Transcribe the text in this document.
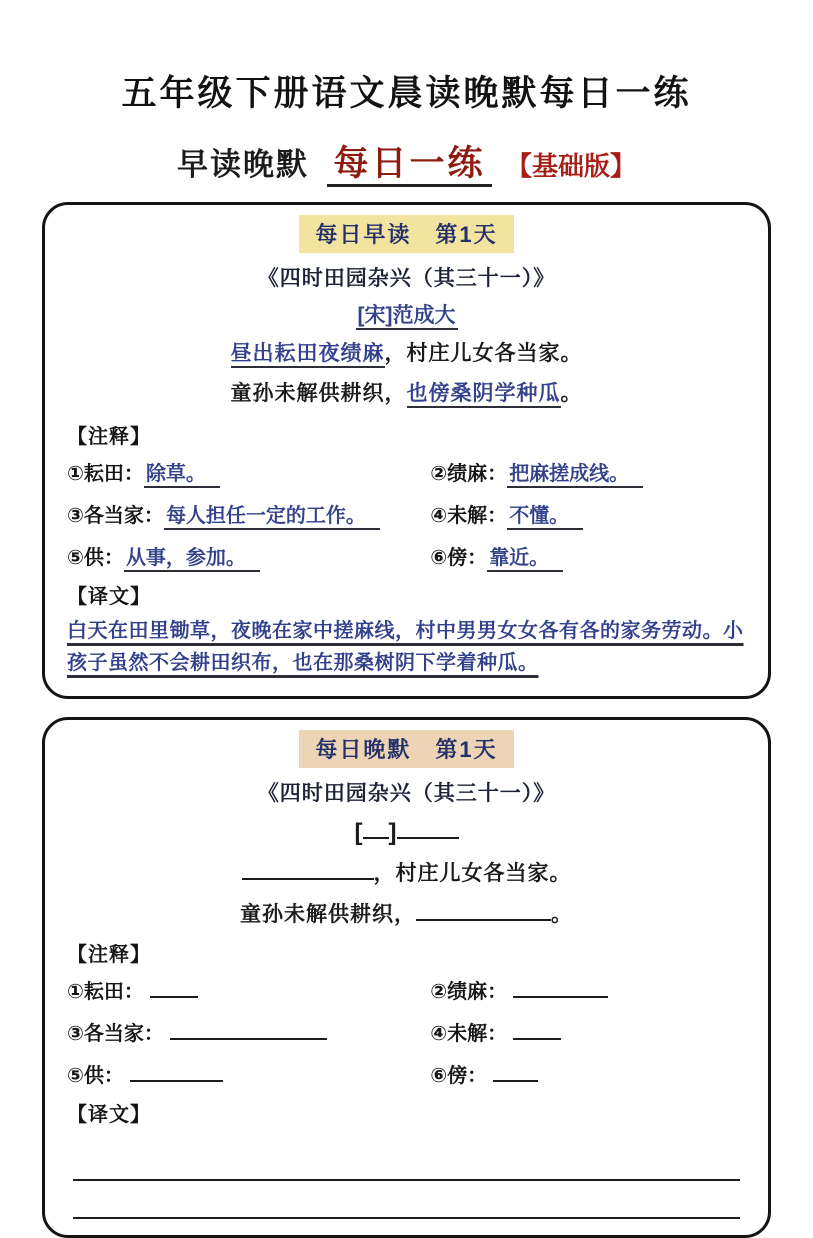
五年级下册语文晨读晚默每日一练
早读晚默 每日一练 【基础版】
每日早读　第1天
《四时田园杂兴（其三十一）》
[宋]范成大
昼出耘田夜绩麻，村庄儿女各当家。
童孙未解供耕织，也傍桑阴学种瓜。
【注释】
①耘田： 除草。	②绩麻： 把麻搓成线。
③各当家： 每人担任一定的工作。	④未解： 不懂。
⑤供： 从事，参加。	⑥傍： 靠近。
【译文】
白天在田里锄草，夜晚在家中搓麻线，村中男男女女各有各的家务劳动。小孩子虽然不会耕田织布，也在那桑树阴下学着种瓜。
每日晚默　第1天
《四时田园杂兴（其三十一）》
[ ]
，村庄儿女各当家。
童孙未解供耕织，	。
【注释】
①耘田：	②绩麻：
③各当家：	④未解：
⑤供：	⑥傍：
【译文】
